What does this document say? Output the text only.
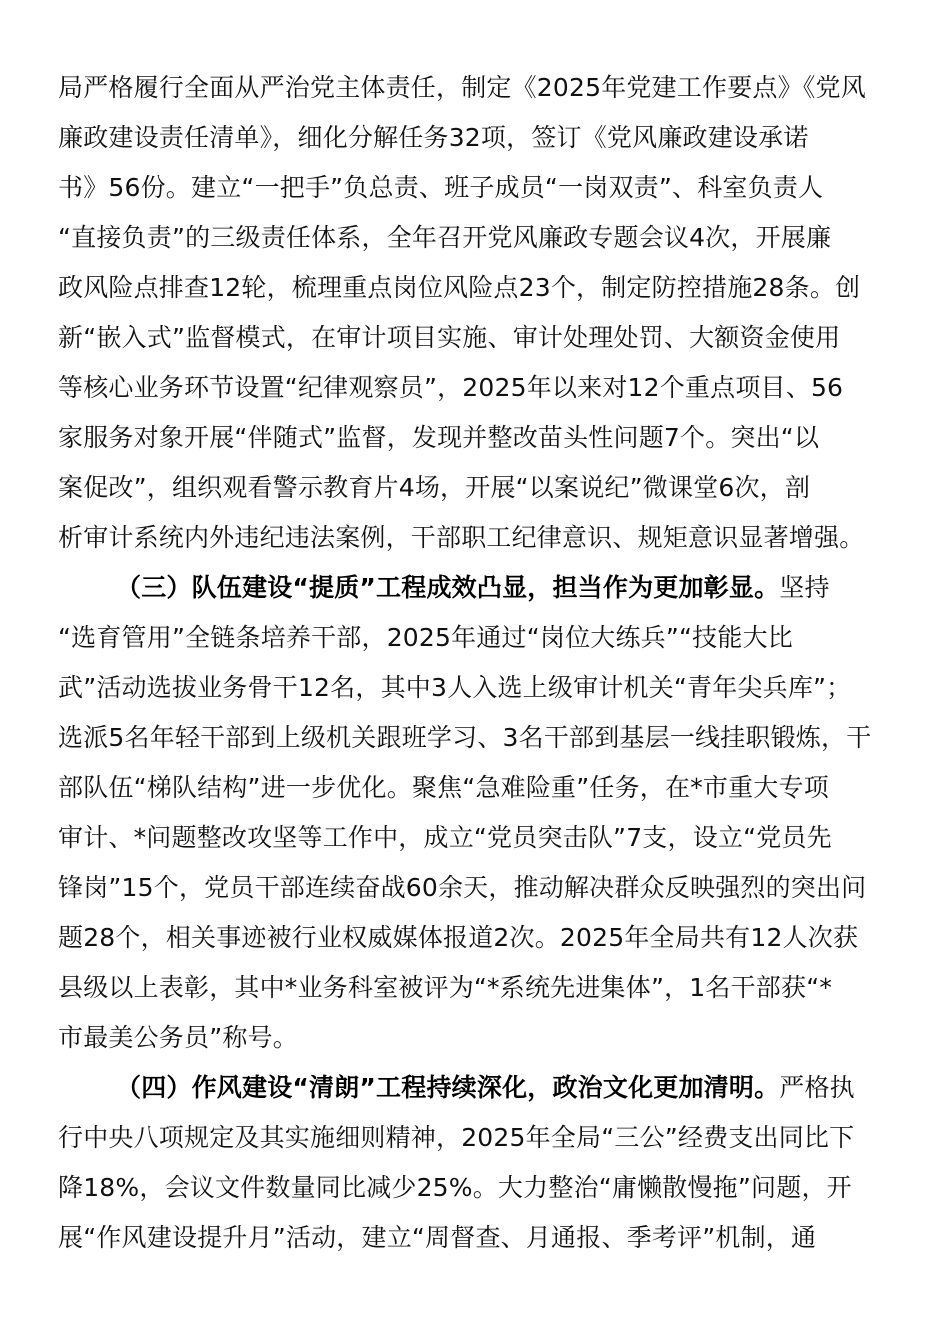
局严格履行全面从严治党主体责任，制定《2025年党建工作要点》《党风
廉政建设责任清单》，细化分解任务32项，签订《党风廉政建设承诺
书》56份。建立“一把手”负总责、班子成员“一岗双责”、科室负责人
“直接负责”的三级责任体系，全年召开党风廉政专题会议4次，开展廉
政风险点排查12轮，梳理重点岗位风险点23个，制定防控措施28条。创
新“嵌入式”监督模式，在审计项目实施、审计处理处罚、大额资金使用
等核心业务环节设置“纪律观察员”，2025年以来对12个重点项目、56
家服务对象开展“伴随式”监督，发现并整改苗头性问题7个。突出“以
案促改”，组织观看警示教育片4场，开展“以案说纪”微课堂6次，剖
析审计系统内外违纪违法案例，干部职工纪律意识、规矩意识显著增强。
（三）队伍建设“提质”工程成效凸显，担当作为更加彰显。坚持
“选育管用”全链条培养干部，2025年通过“岗位大练兵”“技能大比
武”活动选拔业务骨干12名，其中3人入选上级审计机关“青年尖兵库”；
选派5名年轻干部到上级机关跟班学习、3名干部到基层一线挂职锻炼，干
部队伍“梯队结构”进一步优化。聚焦“急难险重”任务，在*市重大专项
审计、*问题整改攻坚等工作中，成立“党员突击队”7支，设立“党员先
锋岗”15个，党员干部连续奋战60余天，推动解决群众反映强烈的突出问
题28个，相关事迹被行业权威媒体报道2次。2025年全局共有12人次获
县级以上表彰，其中*业务科室被评为“*系统先进集体”，1名干部获“*
市最美公务员”称号。
（四）作风建设“清朗”工程持续深化，政治文化更加清明。严格执
行中央八项规定及其实施细则精神，2025年全局“三公”经费支出同比下
降18%，会议文件数量同比减少25%。大力整治“庸懒散慢拖”问题，开
展“作风建设提升月”活动，建立“周督查、月通报、季考评”机制，通
